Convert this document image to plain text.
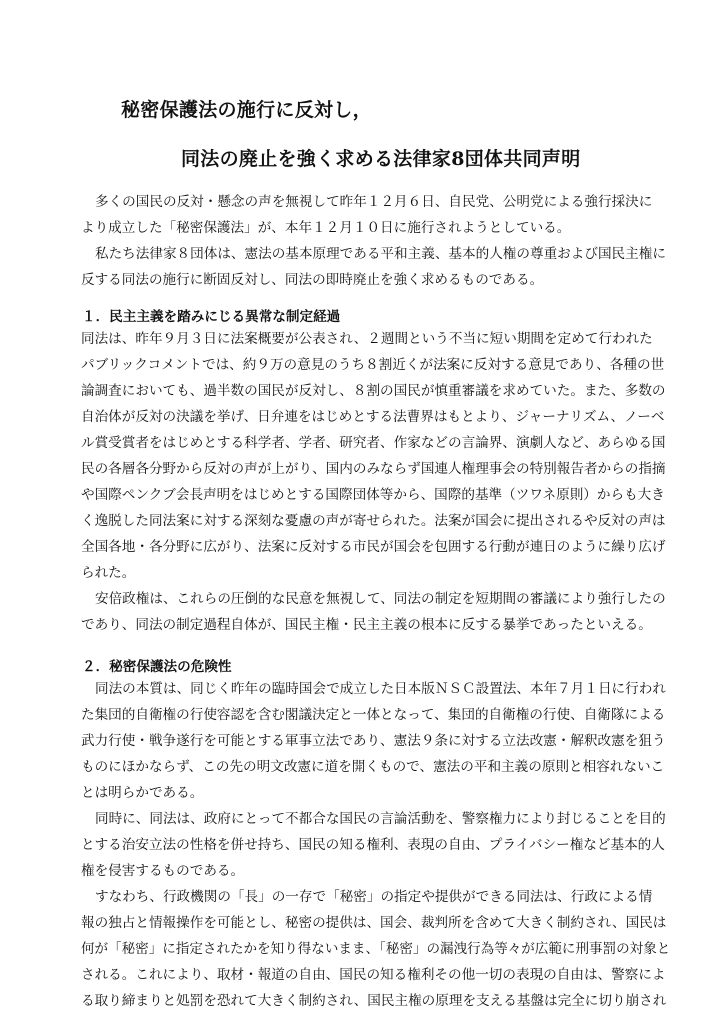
秘密保護法の施行に反対し，
同法の廃止を強く求める法律家8団体共同声明
多くの国民の反対・懸念の声を無視して昨年１２月６日、自民党、公明党による強行採決に
より成立した「秘密保護法」が、本年１２月１０日に施行されようとしている。
私たち法律家８団体は、憲法の基本原理である平和主義、基本的人権の尊重および国民主権に
反する同法の施行に断固反対し、同法の即時廃止を強く求めるものである。
１．民主主義を踏みにじる異常な制定経過
同法は、昨年９月３日に法案概要が公表され、２週間という不当に短い期間を定めて行われた
パブリックコメントでは、約９万の意見のうち８割近くが法案に反対する意見であり、各種の世
論調査においても、過半数の国民が反対し、８割の国民が慎重審議を求めていた。また、多数の
自治体が反対の決議を挙げ、日弁連をはじめとする法曹界はもとより、ジャーナリズム、ノーベ
ル賞受賞者をはじめとする科学者、学者、研究者、作家などの言論界、演劇人など、あらゆる国
民の各層各分野から反対の声が上がり、国内のみならず国連人権理事会の特別報告者からの指摘
や国際ペンクブ会長声明をはじめとする国際団体等から、国際的基準（ツワネ原則）からも大き
く逸脱した同法案に対する深刻な憂慮の声が寄せられた。法案が国会に提出されるや反対の声は
全国各地・各分野に広がり、法案に反対する市民が国会を包囲する行動が連日のように繰り広げ
られた。
安倍政権は、これらの圧倒的な民意を無視して、同法の制定を短期間の審議により強行したの
であり、同法の制定過程自体が、国民主権・民主主義の根本に反する暴挙であったといえる。
２．秘密保護法の危険性
同法の本質は、同じく昨年の臨時国会で成立した日本版ＮＳＣ設置法、本年７月１日に行われ
た集団的自衛権の行使容認を含む閣議決定と一体となって、集団的自衛権の行使、自衛隊による
武力行使・戦争遂行を可能とする軍事立法であり、憲法９条に対する立法改憲・解釈改憲を狙う
ものにほかならず、この先の明文改憲に道を開くもので、憲法の平和主義の原則と相容れないこ
とは明らかである。
同時に、同法は、政府にとって不都合な国民の言論活動を、警察権力により封じることを目的
とする治安立法の性格を併せ持ち、国民の知る権利、表現の自由、プライバシー権など基本的人
権を侵害するものである。
すなわち、行政機関の「長」の一存で「秘密」の指定や提供ができる同法は、行政による情
報の独占と情報操作を可能とし、秘密の提供は、国会、裁判所を含めて大きく制約され、国民は
何が「秘密」に指定されたかを知り得ないまま、「秘密」の漏洩行為等々が広範に刑事罰の対象と
される。これにより、取材・報道の自由、国民の知る権利その他一切の表現の自由は、警察によ
る取り締まりと処罰を恐れて大きく制約され、国民主権の原理を支える基盤は完全に切り崩され
